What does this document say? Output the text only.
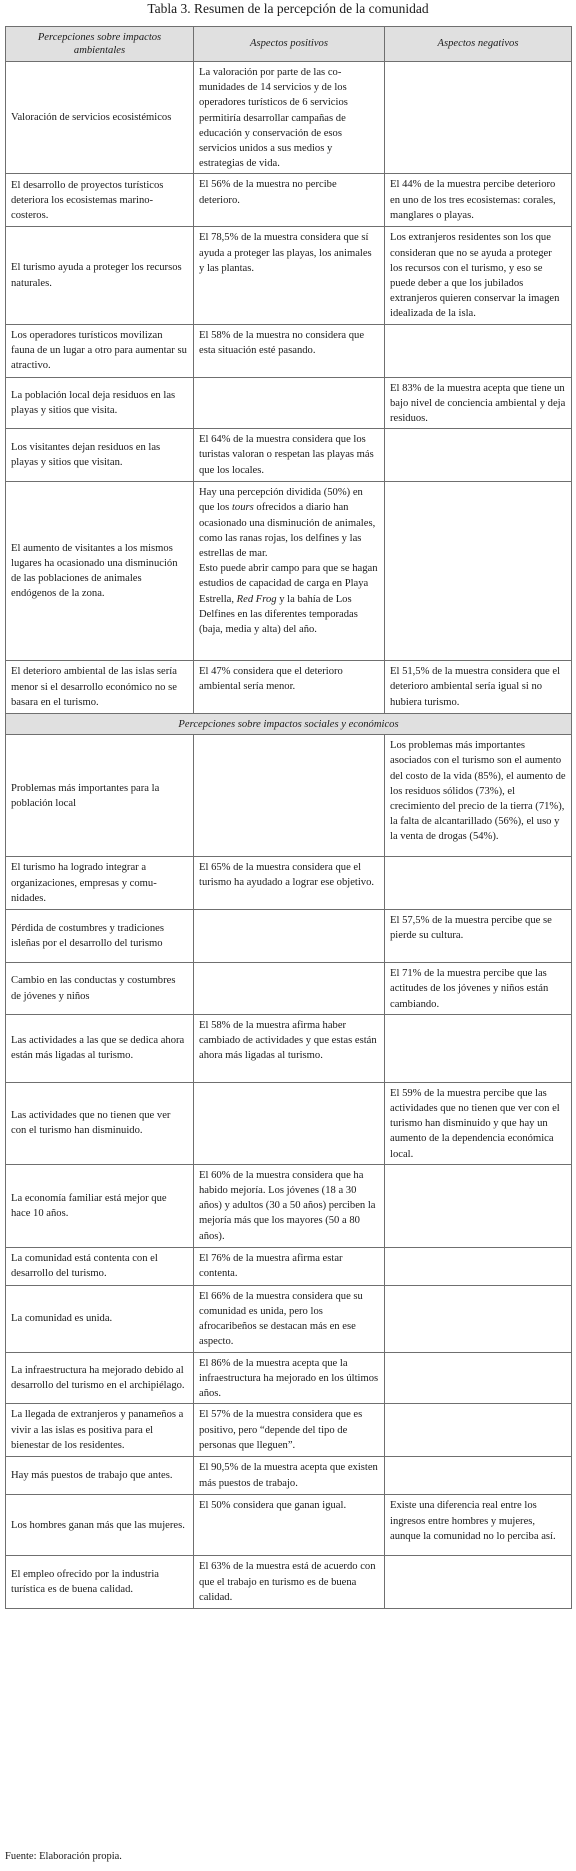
Tabla 3. Resumen de la percepción de la comunidad
Percepciones sobre impactos ambientales	Aspectos positivos	Aspectos negativos
Valoración de servicios ecosistémicos	La valoración por parte de las comunidades de 14 servicios y de los operadores turísticos de 6 servicios permitiría desarrollar campañas de educación y conservación de esos servicios unidos a sus medios y estrategias de vida.	
El desarrollo de proyectos turísticos deteriora los ecosistemas marino-costeros.	El 56% de la muestra no percibe deterioro.	El 44% de la muestra percibe deterioro en uno de los tres ecosistemas: corales, manglares o playas.
El turismo ayuda a proteger los recursos naturales.	El 78,5% de la muestra considera que sí ayuda a proteger las playas, los animales y las plantas.	Los extranjeros residentes son los que consideran que no se ayuda a proteger los recursos con el turismo, y eso se puede deber a que los jubilados extranjeros quieren conservar la imagen idealizada de la isla.
Los operadores turísticos movilizan fauna de un lugar a otro para aumentar su atractivo.	El 58% de la muestra no considera que esta situación esté pasando.	
La población local deja residuos en las playas y sitios que visita.		El 83% de la muestra acepta que tiene un bajo nivel de conciencia ambiental y deja residuos.
Los visitantes dejan residuos en las playas y sitios que visitan.	El 64% de la muestra considera que los turistas valoran o respetan las playas más que los locales.	
El aumento de visitantes a los mismos lugares ha ocasionado una disminución de las poblaciones de animales endógenos de la zona.	Hay una percepción dividida (50%) en que los tours ofrecidos a diario han ocasionado una disminución de animales, como las ranas rojas, los delfines y las estrellas de mar.
Esto puede abrir campo para que se hagan estudios de capacidad de carga en Playa Estrella, Red Frog y la bahía de Los Delfines en las diferentes temporadas (baja, media y alta) del año.	
El deterioro ambiental de las islas sería menor si el desarrollo económico no se basara en el turismo.	El 47% considera que el deterioro ambiental sería menor.	El 51,5% de la muestra considera que el deterioro ambiental sería igual si no hubiera turismo.
Percepciones sobre impactos sociales y económicos		
Problemas más importantes para la población local		Los problemas más importantes asociados con el turismo son el aumento del costo de la vida (85%), el aumento de los residuos sólidos (73%), el crecimiento del precio de la tierra (71%), la falta de alcantarillado (56%), el uso y la venta de drogas (54%).
El turismo ha logrado integrar a organizaciones, empresas y comunidades.	El 65% de la muestra considera que el turismo ha ayudado a lograr ese objetivo.	
Pérdida de costumbres y tradiciones isleñas por el desarrollo del turismo		El 57,5% de la muestra percibe que se pierde su cultura.
Cambio en las conductas y costumbres de jóvenes y niños		El 71% de la muestra percibe que las actitudes de los jóvenes y niños están cambiando.
Las actividades a las que se dedica ahora están más ligadas al turismo.	El 58% de la muestra afirma haber cambiado de actividades y que estas están ahora más ligadas al turismo.	
Las actividades que no tienen que ver con el turismo han disminuido.		El 59% de la muestra percibe que las actividades que no tienen que ver con el turismo han disminuido y que hay un aumento de la dependencia económica local.
La economía familiar está mejor que hace 10 años.	El 60% de la muestra considera que ha habido mejoría. Los jóvenes (18 a 30 años) y adultos (30 a 50 años) perciben la mejoría más que los mayores (50 a 80 años).	
La comunidad está contenta con el desarrollo del turismo.	El 76% de la muestra afirma estar contenta.	
La comunidad es unida.	El 66% de la muestra considera que su comunidad es unida, pero los afrocaribeños se destacan más en ese aspecto.	
La infraestructura ha mejorado debido al desarrollo del turismo en el archipiélago.	El 86% de la muestra acepta que la infraestructura ha mejorado en los últimos años.	
La llegada de extranjeros y panameños a vivir a las islas es positiva para el bienestar de los residentes.	El 57% de la muestra considera que es positivo, pero “depende del tipo de personas que lleguen”.	
Hay más puestos de trabajo que antes.	El 90,5% de la muestra acepta que existen más puestos de trabajo.	
Los hombres ganan más que las mujeres.	El 50% considera que ganan igual.	Existe una diferencia real entre los ingresos entre hombres y mujeres, aunque la comunidad no lo perciba así.
El empleo ofrecido por la industria turística es de buena calidad.	El 63% de la muestra está de acuerdo con que el trabajo en turismo es de buena calidad.	
Fuente: Elaboración propia.
